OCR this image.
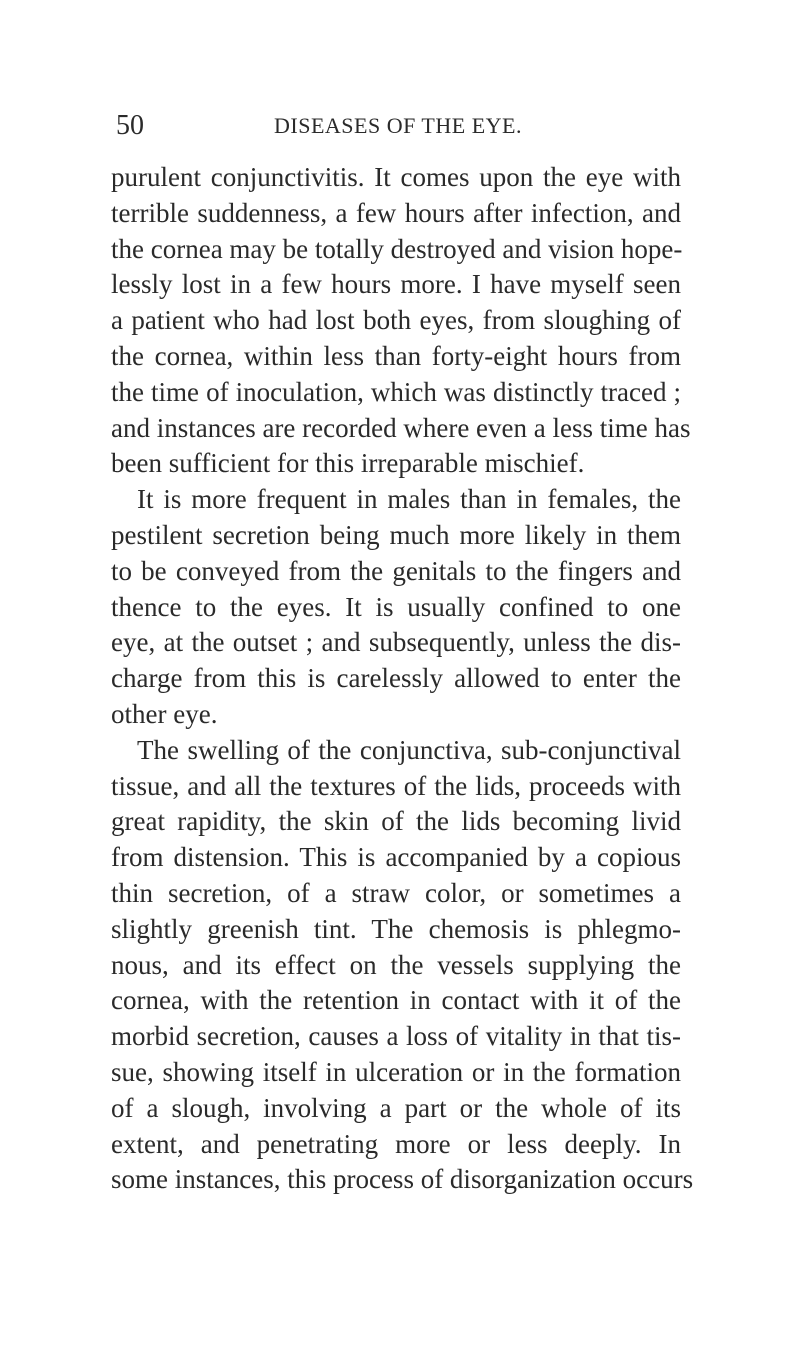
50	DISEASES OF THE EYE.
purulent conjunctivitis. It comes upon the eye with
terrible suddenness, a few hours after infection, and
the cornea may be totally destroyed and vision hope-
lessly lost in a few hours more. I have myself seen
a patient who had lost both eyes, from sloughing of
the cornea, within less than forty-eight hours from
the time of inoculation, which was distinctly traced ;
and instances are recorded where even a less time has
been sufficient for this irreparable mischief.
It is more frequent in males than in females, the
pestilent secretion being much more likely in them
to be conveyed from the genitals to the fingers and
thence to the eyes. It is usually confined to one
eye, at the outset ; and subsequently, unless the dis-
charge from this is carelessly allowed to enter the
other eye.
The swelling of the conjunctiva, sub-conjunctival
tissue, and all the textures of the lids, proceeds with
great rapidity, the skin of the lids becoming livid
from distension. This is accompanied by a copious
thin secretion, of a straw color, or sometimes a
slightly greenish tint. The chemosis is phlegmo-
nous, and its effect on the vessels supplying the
cornea, with the retention in contact with it of the
morbid secretion, causes a loss of vitality in that tis-
sue, showing itself in ulceration or in the formation
of a slough, involving a part or the whole of its
extent, and penetrating more or less deeply. In
some instances, this process of disorganization occurs
